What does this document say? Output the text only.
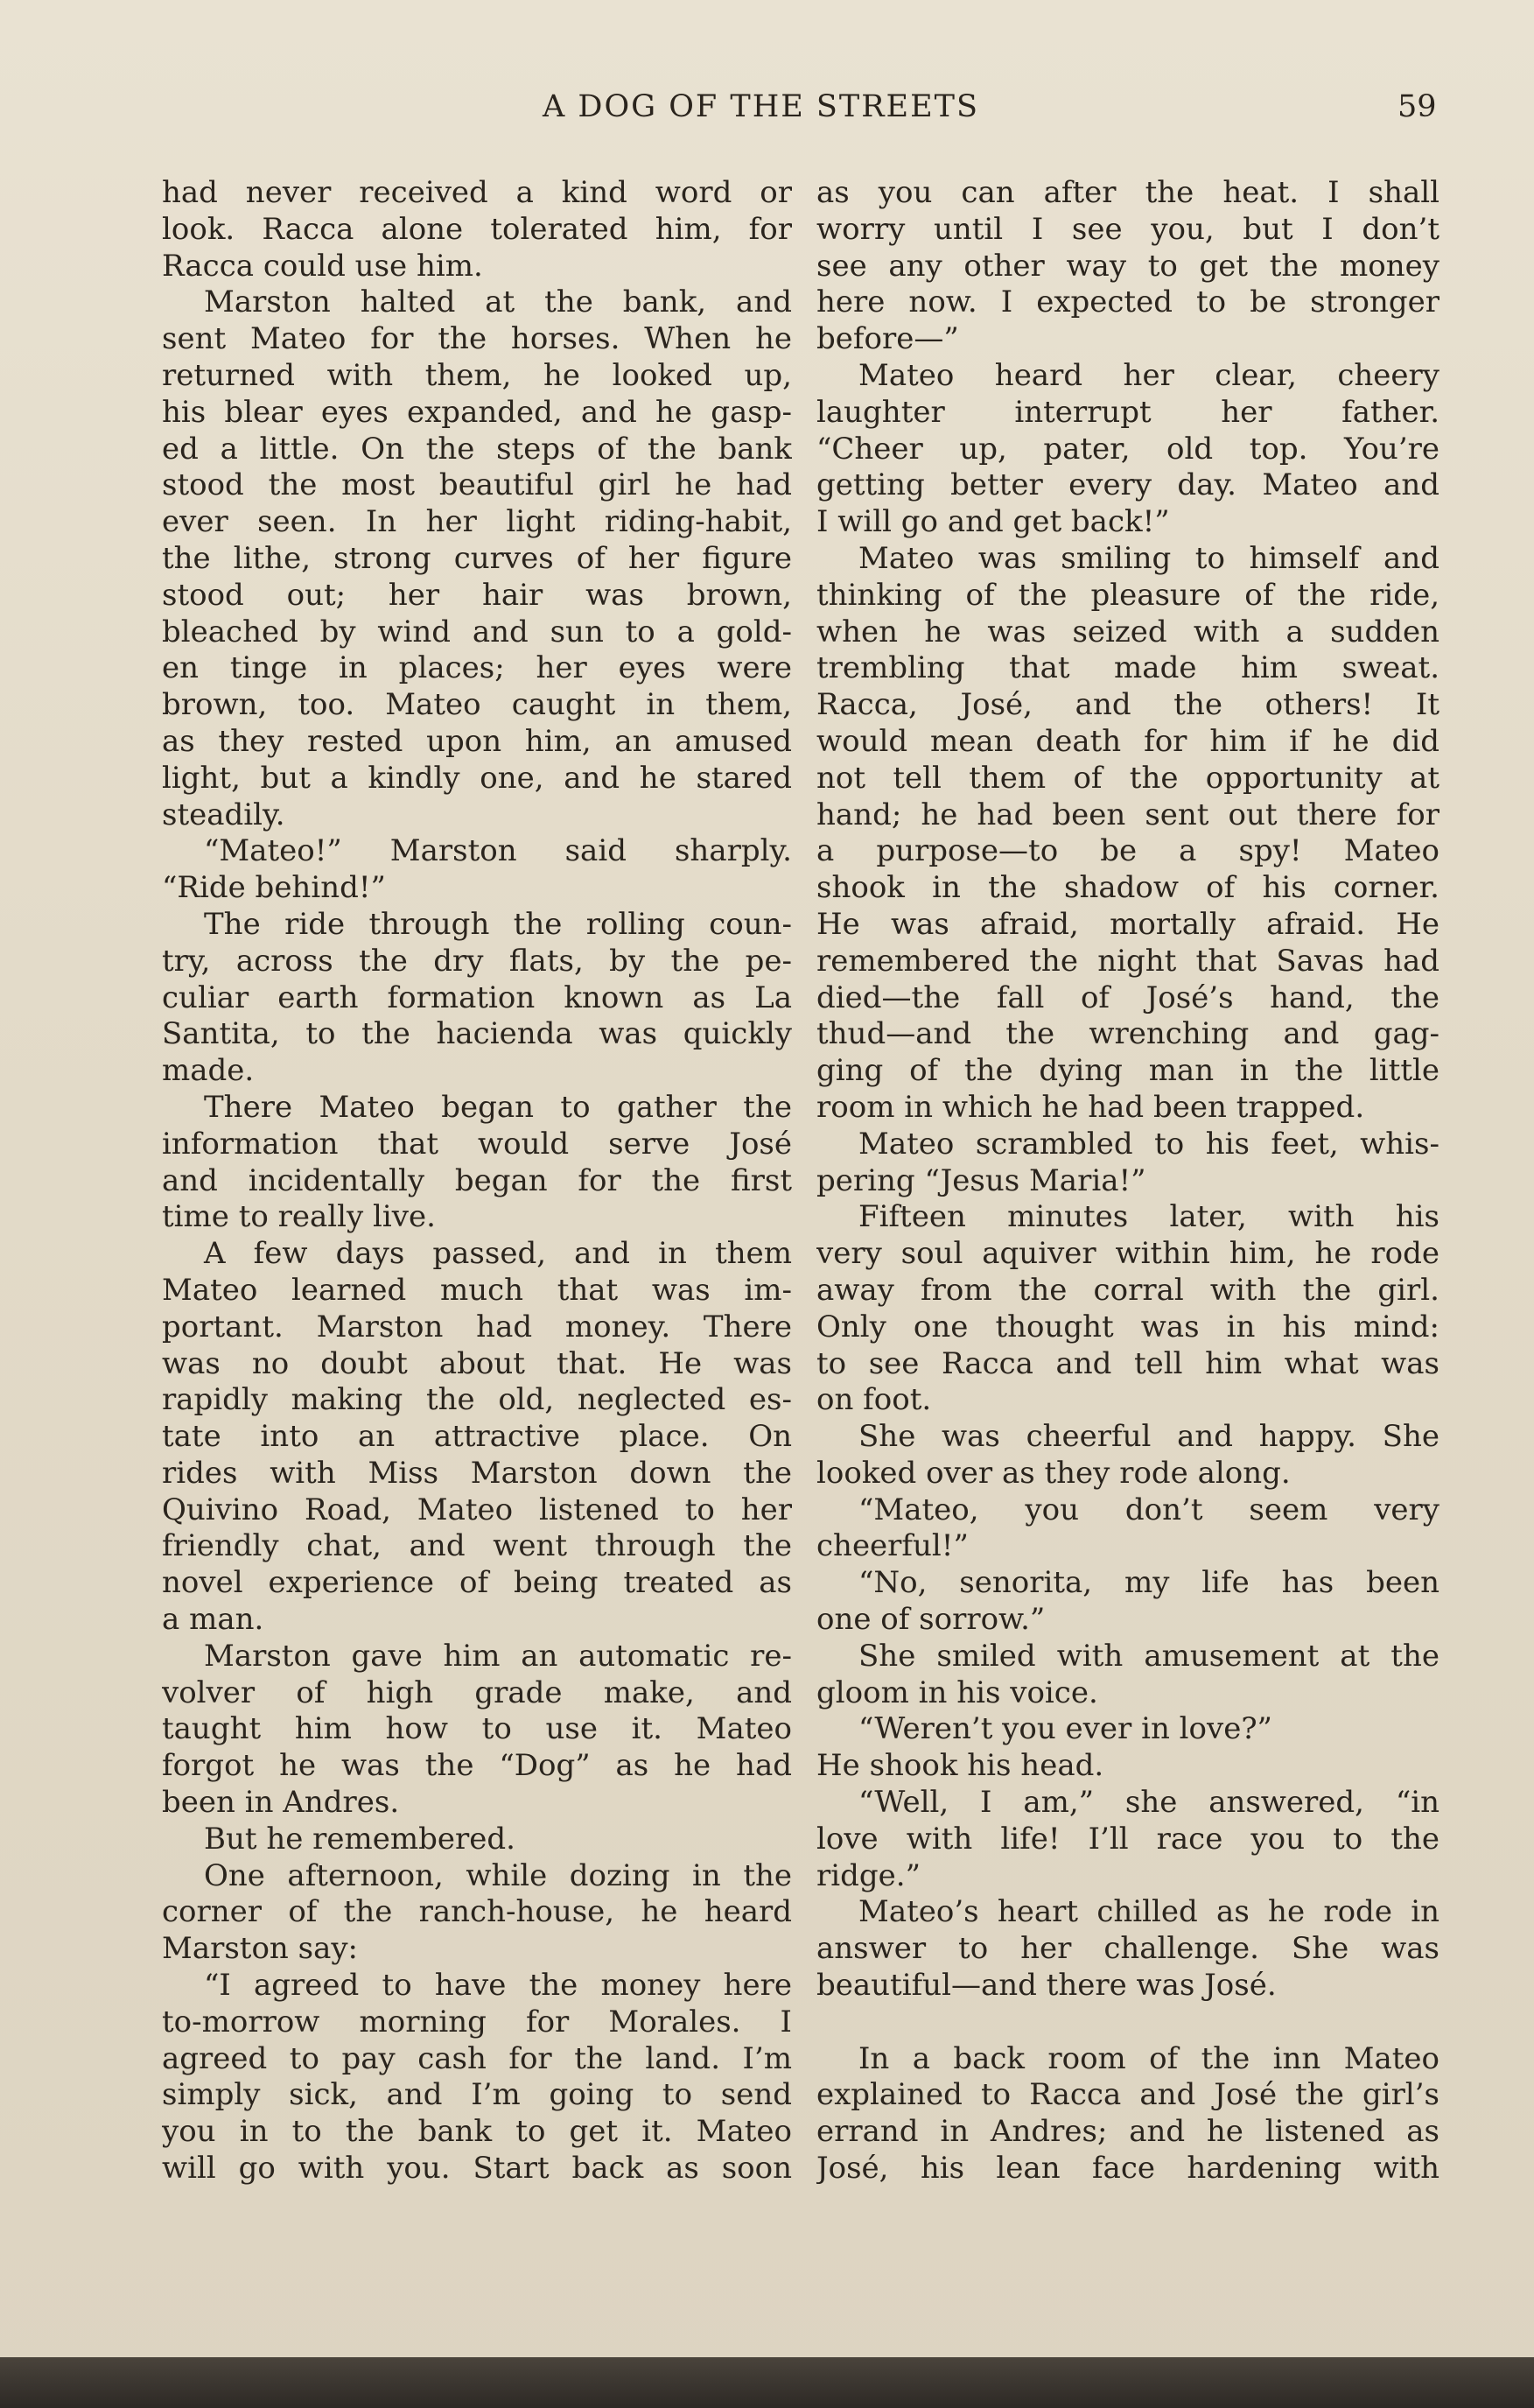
A DOG OF THE STREETS	59
had never received a kind word or
look. Racca alone tolerated him, for
Racca could use him.
Marston halted at the bank, and
sent Mateo for the horses. When he
returned with them, he looked up,
his blear eyes expanded, and he gasp-
ed a little. On the steps of the bank
stood the most beautiful girl he had
ever seen. In her light riding-habit,
the lithe, strong curves of her figure
stood out; her hair was brown,
bleached by wind and sun to a gold-
en tinge in places; her eyes were
brown, too. Mateo caught in them,
as they rested upon him, an amused
light, but a kindly one, and he stared
steadily.
“Mateo!” Marston said sharply.
“Ride behind!”
The ride through the rolling coun-
try, across the dry flats, by the pe-
culiar earth formation known as La
Santita, to the hacienda was quickly
made.
There Mateo began to gather the
information that would serve José
and incidentally began for the first
time to really live.
A few days passed, and in them
Mateo learned much that was im-
portant. Marston had money. There
was no doubt about that. He was
rapidly making the old, neglected es-
tate into an attractive place. On
rides with Miss Marston down the
Quivino Road, Mateo listened to her
friendly chat, and went through the
novel experience of being treated as
a man.
Marston gave him an automatic re-
volver of high grade make, and
taught him how to use it. Mateo
forgot he was the “Dog” as he had
been in Andres.
But he remembered.
One afternoon, while dozing in the
corner of the ranch-house, he heard
Marston say:
“I agreed to have the money here
to-morrow morning for Morales. I
agreed to pay cash for the land. I’m
simply sick, and I’m going to send
you in to the bank to get it. Mateo
will go with you. Start back as soon
as you can after the heat. I shall
worry until I see you, but I don’t
see any other way to get the money
here now. I expected to be stronger
before—”
Mateo heard her clear, cheery
laughter interrupt her father.
“Cheer up, pater, old top. You’re
getting better every day. Mateo and
I will go and get back!”
Mateo was smiling to himself and
thinking of the pleasure of the ride,
when he was seized with a sudden
trembling that made him sweat.
Racca, José, and the others! It
would mean death for him if he did
not tell them of the opportunity at
hand; he had been sent out there for
a purpose—to be a spy! Mateo
shook in the shadow of his corner.
He was afraid, mortally afraid. He
remembered the night that Savas had
died—the fall of José’s hand, the
thud—and the wrenching and gag-
ging of the dying man in the little
room in which he had been trapped.
Mateo scrambled to his feet, whis-
pering “Jesus Maria!”
Fifteen minutes later, with his
very soul aquiver within him, he rode
away from the corral with the girl.
Only one thought was in his mind:
to see Racca and tell him what was
on foot.
She was cheerful and happy. She
looked over as they rode along.
“Mateo, you don’t seem very
cheerful!”
“No, senorita, my life has been
one of sorrow.”
She smiled with amusement at the
gloom in his voice.
“Weren’t you ever in love?”
He shook his head.
“Well, I am,” she answered, “in
love with life! I’ll race you to the
ridge.”
Mateo’s heart chilled as he rode in
answer to her challenge. She was
beautiful—and there was José.
In a back room of the inn Mateo
explained to Racca and José the girl’s
errand in Andres; and he listened as
José, his lean face hardening with
